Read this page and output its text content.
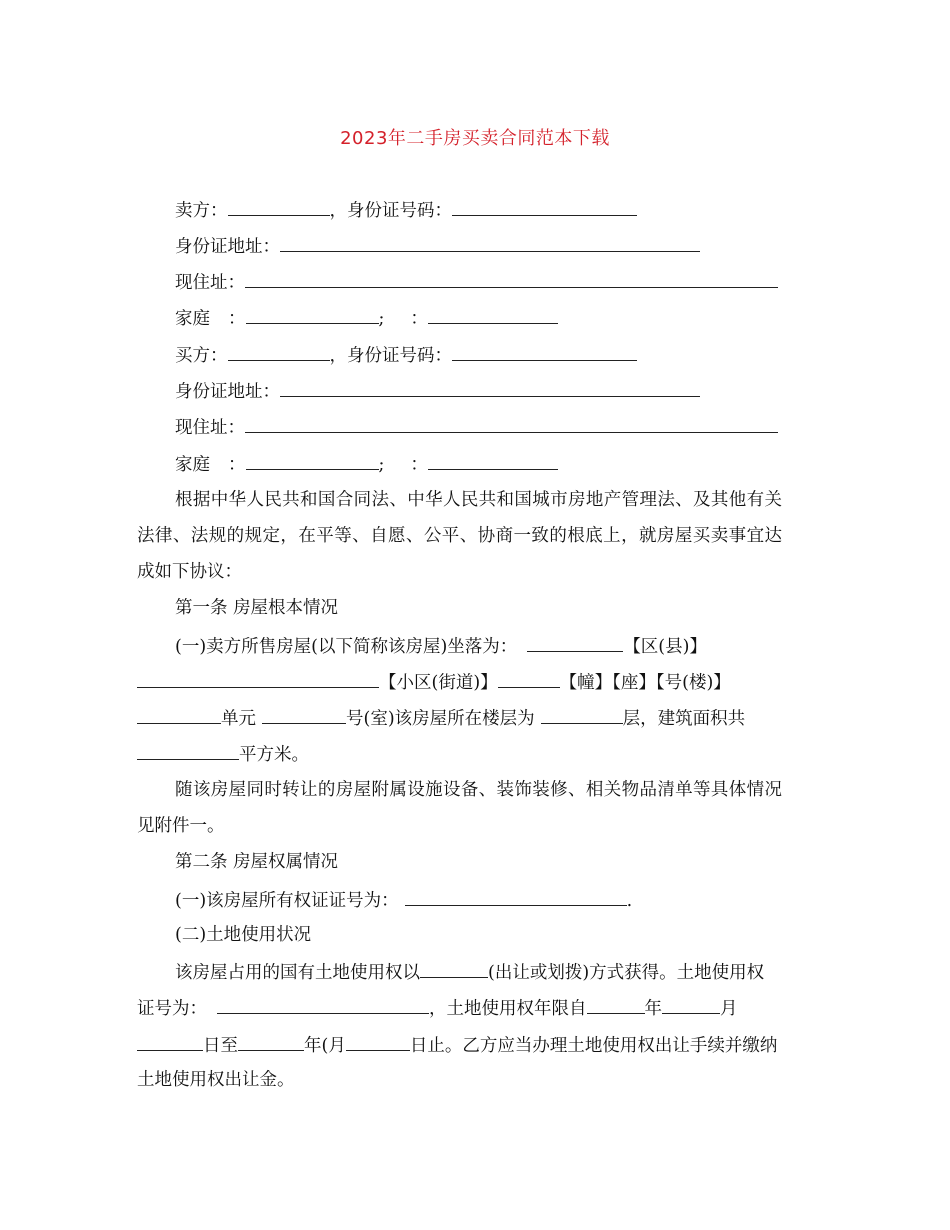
2023年二手房买卖合同范本下载
卖方：	，身份证号码：
身份证地址：
现住址：
家庭 ：	; ：
买方：	，身份证号码：
身份证地址：
现住址：
家庭 ：	; ：
根据中华人民共和国合同法、中华人民共和国城市房地产管理法、及其他有关
法律、法规的规定，在平等、自愿、公平、协商一致的根底上，就房屋买卖事宜达
成如下协议：
第一条 房屋根本情况
(一)卖方所售房屋(以下简称该房屋)坐落为：	【区(县)】
【小区(街道)】	【幢】【座】【号(楼)】
单元	号(室)该房屋所在楼层为	层，建筑面积共
平方米。
随该房屋同时转让的房屋附属设施设备、装饰装修、相关物品清单等具体情况
见附件一。
第二条 房屋权属情况
(一)该房屋所有权证证号为：	.
(二)土地使用状况
该房屋占用的国有土地使用权以	(出让或划拨)方式获得。土地使用权
证号为：	，土地使用权年限自	年	月
日至	年(月	日止。乙方应当办理土地使用权出让手续并缴纳
土地使用权出让金。
